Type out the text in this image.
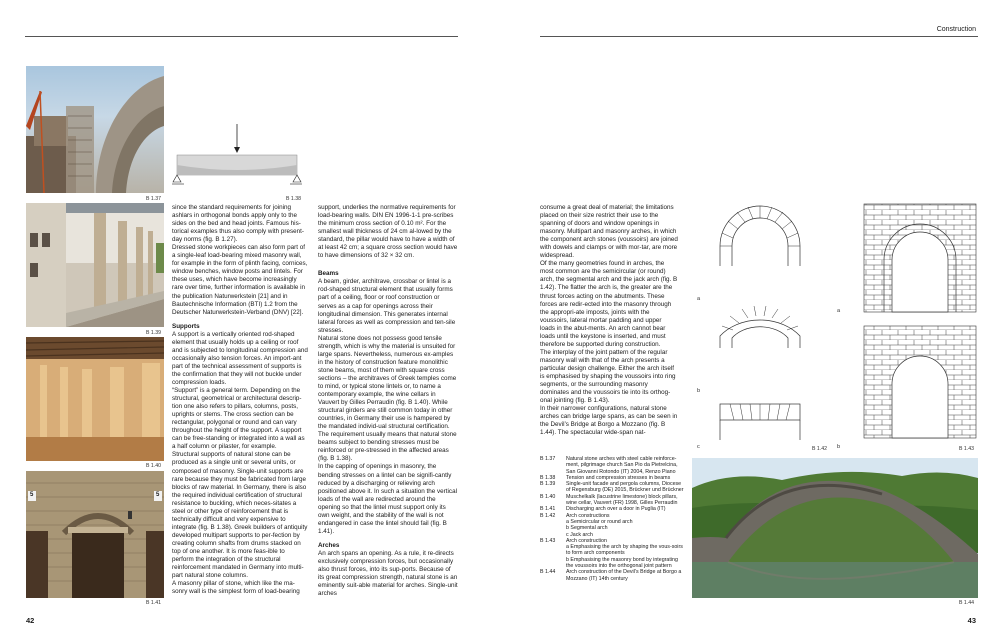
Construction
B 1.37	B 1.38
B 1.39
B 1.40
5	5
B 1.41
since the standard requirements for joining ashlars in orthogonal bonds apply only to the sides on the bed and head joints. Famous his-torical examples thus also comply with present-day norms (fig. B 1.27).
Dressed stone workpieces can also form part of a single-leaf load-bearing mixed masonry wall, for example in the form of plinth facing, cornices, window benches, window posts and lintels. For these uses, which have become increasingly rare over time, further information is available in the publication Naturwerkstein [21] and in Bautechnische Information (BTI) 1.2 from the Deutscher Naturwerkstein-Verband (DNV) [22].
Supports
A support is a vertically oriented rod-shaped element that usually holds up a ceiling or roof and is subjected to longitudinal compression and occasionally also tension forces. An import-ant part of the technical assessment of supports is the confirmation that they will not buckle under compression loads.
“Support” is a general term. Depending on the structural, geometrical or architectural descrip-tion one also refers to pillars, columns, posts, uprights or stems. The cross section can be rectangular, polygonal or round and can vary throughout the height of the support. A support can be free-standing or integrated into a wall as a half column or pilaster, for example.
Structural supports of natural stone can be produced as a single unit or several units, or composed of masonry. Single-unit supports are rare because they must be fabricated from large blocks of raw material. In Germany, there is also the required individual certification of structural resistance to buckling, which neces-sitates a steel or other type of reinforcement that is technically difficult and very expensive to integrate (fig. B 1.38). Greek builders of antiquity developed multipart supports to per-fection by creating column shafts from drums stacked on top of one another. It is more feas-ible to perform the integration of the structural reinforcement mandated in Germany into multi-part natural stone columns.
A masonry pillar of stone, which like the ma-sonry wall is the simplest form of load-bearing
support, underlies the normative requirements for load-bearing walls. DIN EN 1996-1-1 pre-scribes the minimum cross section of 0.10 m². For the smallest wall thickness of 24 cm al-lowed by the standard, the pillar would have to have a width of at least 42 cm; a square cross section would have to have dimensions of 32 × 32 cm.
Beams
A beam, girder, architrave, crossbar or lintel is a rod-shaped structural element that usually forms part of a ceiling, floor or roof construction or serves as a cap for openings across their longitudinal dimension. This generates internal lateral forces as well as compression and ten-sile stresses.
Natural stone does not possess good tensile strength, which is why the material is unsuited for large spans. Nevertheless, numerous ex-amples in the history of construction feature monolithic stone beams, most of them with square cross sections – the architraves of Greek temples come to mind, or typical stone lintels or, to name a contemporary example, the wine cellars in Vauvert by Gilles Perraudin (fig. B 1.40). While structural girders are still common today in other countries, in Germany their use is hampered by the mandated individ-ual structural certification. The requirement usually means that natural stone beams subject to bending stresses must be reinforced or pre-stressed in the affected areas (fig. B 1.38).
In the capping of openings in masonry, the bending stresses on a lintel can be signifi-cantly reduced by a discharging or relieving arch positioned above it. In such a situation the vertical loads of the wall are redirected around the opening so that the lintel must support only its own weight, and the stability of the wall is not endangered in case the lintel should fail (fig. B 1.41).
Arches
An arch spans an opening. As a rule, it re-directs exclusively compression forces, but occasionally also thrust forces, into its sup-ports. Because of its great compression strength, natural stone is an eminently suit-able material for arches. Single-unit arches
42
consume a great deal of material; the limitations placed on their size restrict their use to the spanning of doors and window openings in masonry. Multipart and masonry arches, in which the component arch stones (voussoirs) are joined with dowels and clamps or with mor-tar, are more widespread.
Of the many geometries found in arches, the most common are the semicircular (or round) arch, the segmental arch and the jack arch (fig. B 1.42). The flatter the arch is, the greater are the thrust forces acting on the abutments. These forces are redir-ected into the masonry through the appropri-ate imposts, joints with the voussoirs, lateral mortar padding and upper loads in the abut-ments. An arch cannot bear loads until the keystone is inserted, and must therefore be supported during construction.
The interplay of the joint pattern of the regular masonry wall with that of the arch presents a particular design challenge. Either the arch itself is emphasised by shaping the voussoirs into ring segments, or the surrounding masonry dominates and the voussoirs tie into its orthog-onal jointing (fig. B 1.43).
In their narrower configurations, natural stone arches can bridge large spans, as can be seen in the Devil’s Bridge at Borgo a Mozzano (fig. B 1.44). The spectacular wide-span nat-
B 1.37	Natural stone arches with steel cable reinforce-ment, pilgrimage church San Pio da Pietrelcina, San Giovanni Rotondo (IT) 2004, Renzo Piano
B 1.38	Tension and compression stresses in beams
B 1.39	Single-unit facade and pergola columns, Diocese of Regensburg (DE) 2015, Brückner und Brückner
B 1.40	Muschelkalk (lacustrine limestone) block pillars, wine cellar, Vauvert (FR) 1998, Gilles Perraudin
B 1.41	Discharging arch over a door in Puglia (IT)
B 1.42	Arch constructions
a Semicircular or round arch
b Segmental arch
c Jack arch
B 1.43	Arch construction
a Emphasising the arch by shaping the vous-soirs to form arch components
b Emphasising the masonry bond by integrating the voussoirs into the orthogonal joint pattern
B 1.44	Arch construction of the Devil’s Bridge at Borgo a Mozzano (IT) 14th century
a
b
c	B 1.42
a
b	B 1.43
B 1.44
43
